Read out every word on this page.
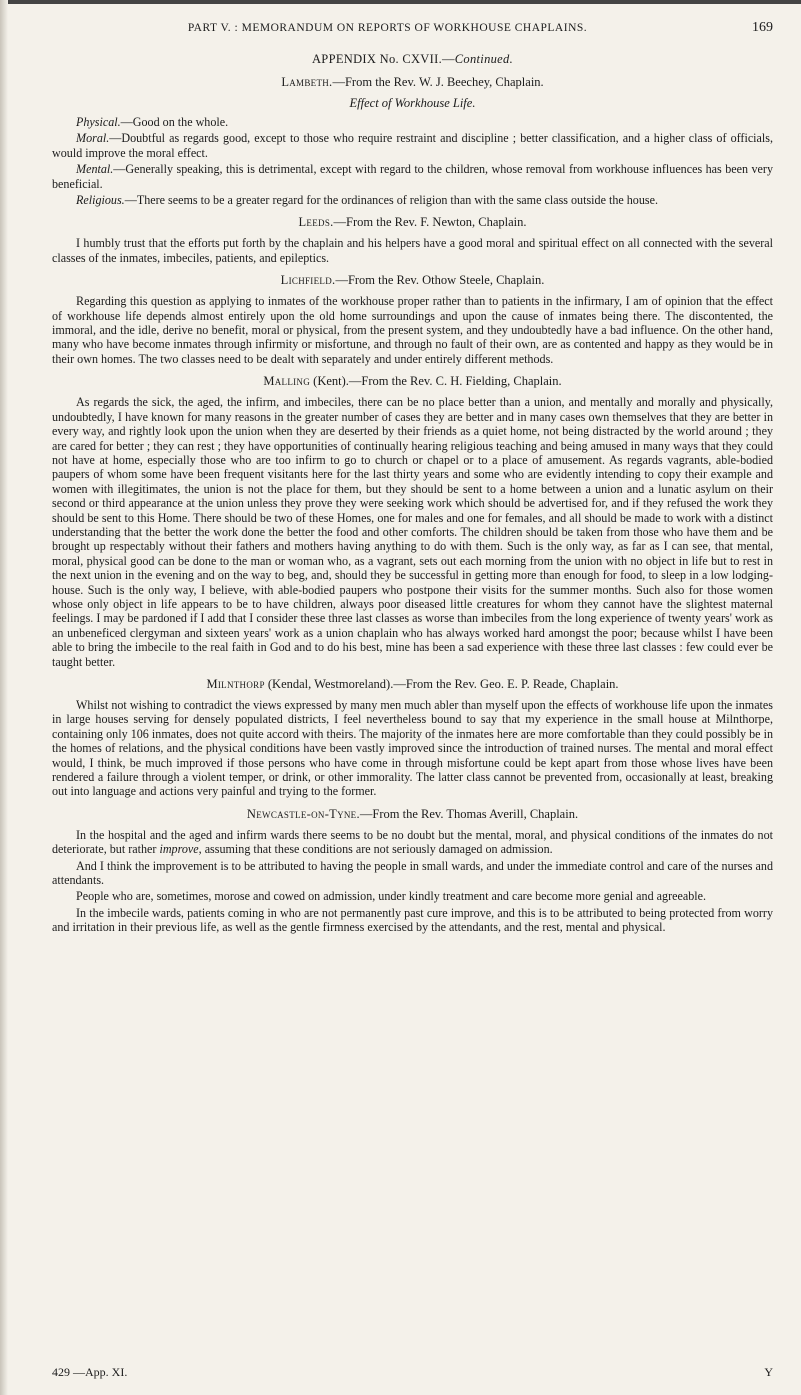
PART V. : MEMORANDUM ON REPORTS OF WORKHOUSE CHAPLAINS.	169
APPENDIX No. CXVII.—Continued.
Lambeth.—From the Rev. W. J. Beechey, Chaplain.
Effect of Workhouse Life.

Physical.—Good on the whole.

Moral.—Doubtful as regards good, except to those who require restraint and discipline ; better classification, and a higher class of officials, would improve the moral effect.

Mental.—Generally speaking, this is detrimental, except with regard to the children, whose removal from workhouse influences has been very beneficial.

Religious.—There seems to be a greater regard for the ordinances of religion than with the same class outside the house.

Leeds.—From the Rev. F. Newton, Chaplain.

I humbly trust that the efforts put forth by the chaplain and his helpers have a good moral and spiritual effect on all connected with the several classes of the inmates, imbeciles, patients, and epileptics.

Lichfield.—From the Rev. Othow Steele, Chaplain.

Regarding this question as applying to inmates of the workhouse proper rather than to patients in the infirmary, I am of opinion that the effect of workhouse life depends almost entirely upon the old home surroundings and upon the cause of inmates being there. The discontented, the immoral, and the idle, derive no benefit, moral or physical, from the present system, and they undoubtedly have a bad influence. On the other hand, many who have become inmates through infirmity or misfortune, and through no fault of their own, are as contented and happy as they would be in their own homes. The two classes need to be dealt with separately and under entirely different methods.

Malling (Kent).—From the Rev. C. H. Fielding, Chaplain.

As regards the sick, the aged, the infirm, and imbeciles, there can be no place better than a union, and mentally and morally and physically, undoubtedly, I have known for many reasons in the greater number of cases they are better and in many cases own themselves that they are better in every way, and rightly look upon the union when they are deserted by their friends as a quiet home, not being distracted by the world around ; they are cared for better ; they can rest ; they have opportunities of continually hearing religious teaching and being amused in many ways that they could not have at home, especially those who are too infirm to go to church or chapel or to a place of amusement. As regards vagrants, able-bodied paupers of whom some have been frequent visitants here for the last thirty years and some who are evidently intending to copy their example and women with illegitimates, the union is not the place for them, but they should be sent to a home between a union and a lunatic asylum on their second or third appearance at the union unless they prove they were seeking work which should be advertised for, and if they refused the work they should be sent to this Home. There should be two of these Homes, one for males and one for females, and all should be made to work with a distinct understanding that the better the work done the better the food and other comforts. The children should be taken from those who have them and be brought up respectably without their fathers and mothers having anything to do with them. Such is the only way, as far as I can see, that mental, moral, physical good can be done to the man or woman who, as a vagrant, sets out each morning from the union with no object in life but to rest in the next union in the evening and on the way to beg, and, should they be successful in getting more than enough for food, to sleep in a low lodging-house. Such is the only way, I believe, with able-bodied paupers who postpone their visits for the summer months. Such also for those women whose only object in life appears to be to have children, always poor diseased little creatures for whom they cannot have the slightest maternal feelings. I may be pardoned if I add that I consider these three last classes as worse than imbeciles from the long experience of twenty years' work as an unbeneficed clergyman and sixteen years' work as a union chaplain who has always worked hard amongst the poor; because whilst I have been able to bring the imbecile to the real faith in God and to do his best, mine has been a sad experience with these three last classes : few could ever be taught better.

Milnthorp (Kendal, Westmoreland).—From the Rev. Geo. E. P. Reade, Chaplain.

Whilst not wishing to contradict the views expressed by many men much abler than myself upon the effects of workhouse life upon the inmates in large houses serving for densely populated districts, I feel nevertheless bound to say that my experience in the small house at Milnthorpe, containing only 106 inmates, does not quite accord with theirs. The majority of the inmates here are more comfortable than they could possibly be in the homes of relations, and the physical conditions have been vastly improved since the introduction of trained nurses. The mental and moral effect would, I think, be much improved if those persons who have come in through misfortune could be kept apart from those whose lives have been rendered a failure through a violent temper, or drink, or other immorality. The latter class cannot be prevented from, occasionally at least, breaking out into language and actions very painful and trying to the former.

Newcastle-on-Tyne.—From the Rev. Thomas Averill, Chaplain.

In the hospital and the aged and infirm wards there seems to be no doubt but the mental, moral, and physical conditions of the inmates do not deteriorate, but rather improve, assuming that these conditions are not seriously damaged on admission.

And I think the improvement is to be attributed to having the people in small wards, and under the immediate control and care of the nurses and attendants.

People who are, sometimes, morose and cowed on admission, under kindly treatment and care become more genial and agreeable.

In the imbecile wards, patients coming in who are not permanently past cure improve, and this is to be attributed to being protected from worry and irritation in their previous life, as well as the gentle firmness exercised by the attendants, and the rest, mental and physical.

429 —App. XI.	Y
